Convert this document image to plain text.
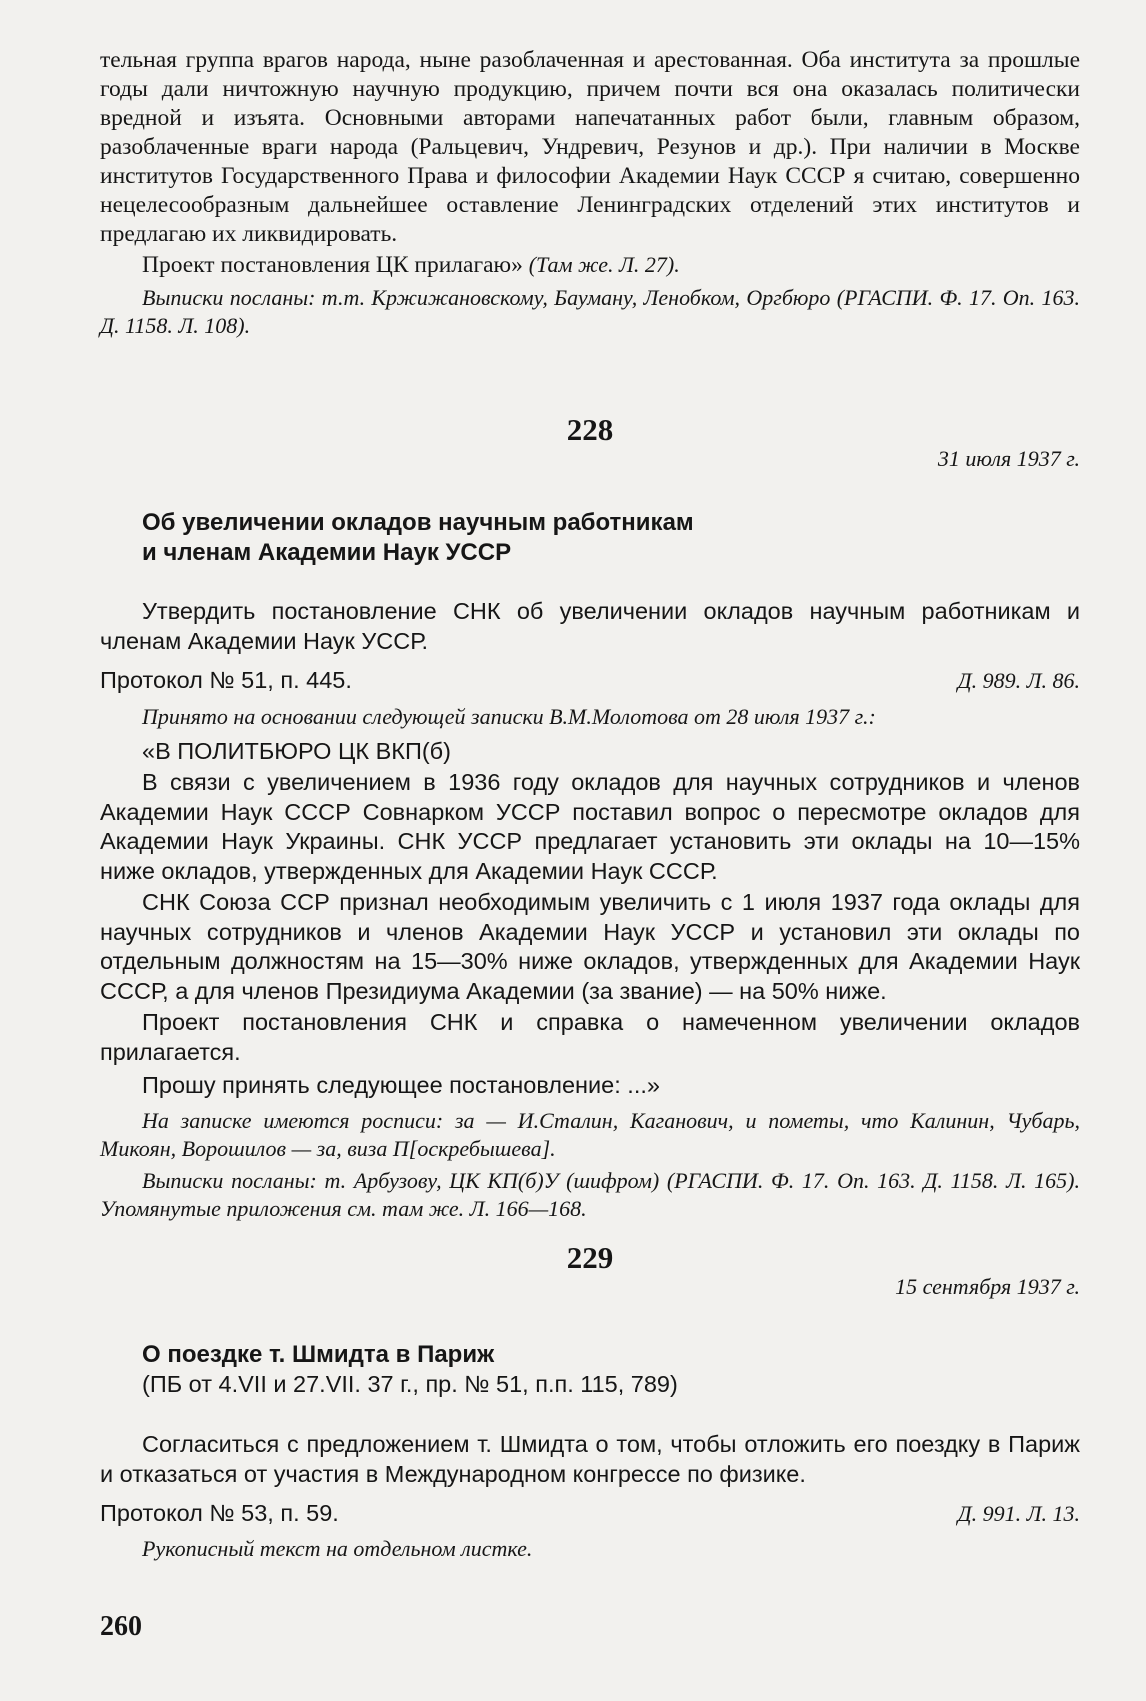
тельная группа врагов народа, ныне разоблаченная и арестованная. Оба института за прошлые годы дали ничтожную научную продукцию, причем почти вся она оказалась политически вредной и изъята. Основными авторами напечатанных работ были, главным образом, разоблаченные враги народа (Ральцевич, Ундревич, Резунов и др.). При наличии в Москве институтов Государственного Права и философии Академии Наук СССР я считаю, совершенно нецелесообразным дальнейшее оставление Ленинградских отделений этих институтов и предлагаю их ликвидировать.

Проект постановления ЦК прилагаю» (Там же. Л. 27).

Выписки посланы: т.т. Кржижановскому, Бауману, Ленобком, Оргбюро (РГАСПИ. Ф. 17. Оп. 163. Д. 1158. Л. 108).

228
31 июля 1937 г.
Об увеличении окладов научным работникам
и членам Академии Наук УССР

Утвердить постановление СНК об увеличении окладов научным работникам и членам Академии Наук УССР.

Протокол № 51, п. 445.	Д. 989. Л. 86.

Принято на основании следующей записки В.М.Молотова от 28 июля 1937 г.:

«В ПОЛИТБЮРО ЦК ВКП(б)

В связи с увеличением в 1936 году окладов для научных сотрудников и членов Академии Наук СССР Совнарком УССР поставил вопрос о пересмотре окладов для Академии Наук Украины. СНК УССР предлагает установить эти оклады на 10—15% ниже окладов, утвержденных для Академии Наук СССР.

СНК Союза ССР признал необходимым увеличить с 1 июля 1937 года оклады для научных сотрудников и членов Академии Наук УССР и установил эти оклады по отдельным должностям на 15—30% ниже окладов, утвержденных для Академии Наук СССР, а для членов Президиума Академии (за звание) — на 50% ниже.

Проект постановления СНК и справка о намеченном увеличении окладов прилагается.

Прошу принять следующее постановление: ...»

На записке имеются росписи: за — И.Сталин, Каганович, и пометы, что Калинин, Чубарь, Микоян, Ворошилов — за, виза П[оскребышева].

Выписки посланы: т. Арбузову, ЦК КП(б)У (шифром) (РГАСПИ. Ф. 17. Оп. 163. Д. 1158. Л. 165). Упомянутые приложения см. там же. Л. 166—168.

229
15 сентября 1937 г.
О поездке т. Шмидта в Париж
(ПБ от 4.VII и 27.VII. 37 г., пр. № 51, п.п. 115, 789)

Согласиться с предложением т. Шмидта о том, чтобы отложить его поездку в Париж и отказаться от участия в Международном конгрессе по физике.

Протокол № 53, п. 59.	Д. 991. Л. 13.

Рукописный текст на отдельном листке.

260
